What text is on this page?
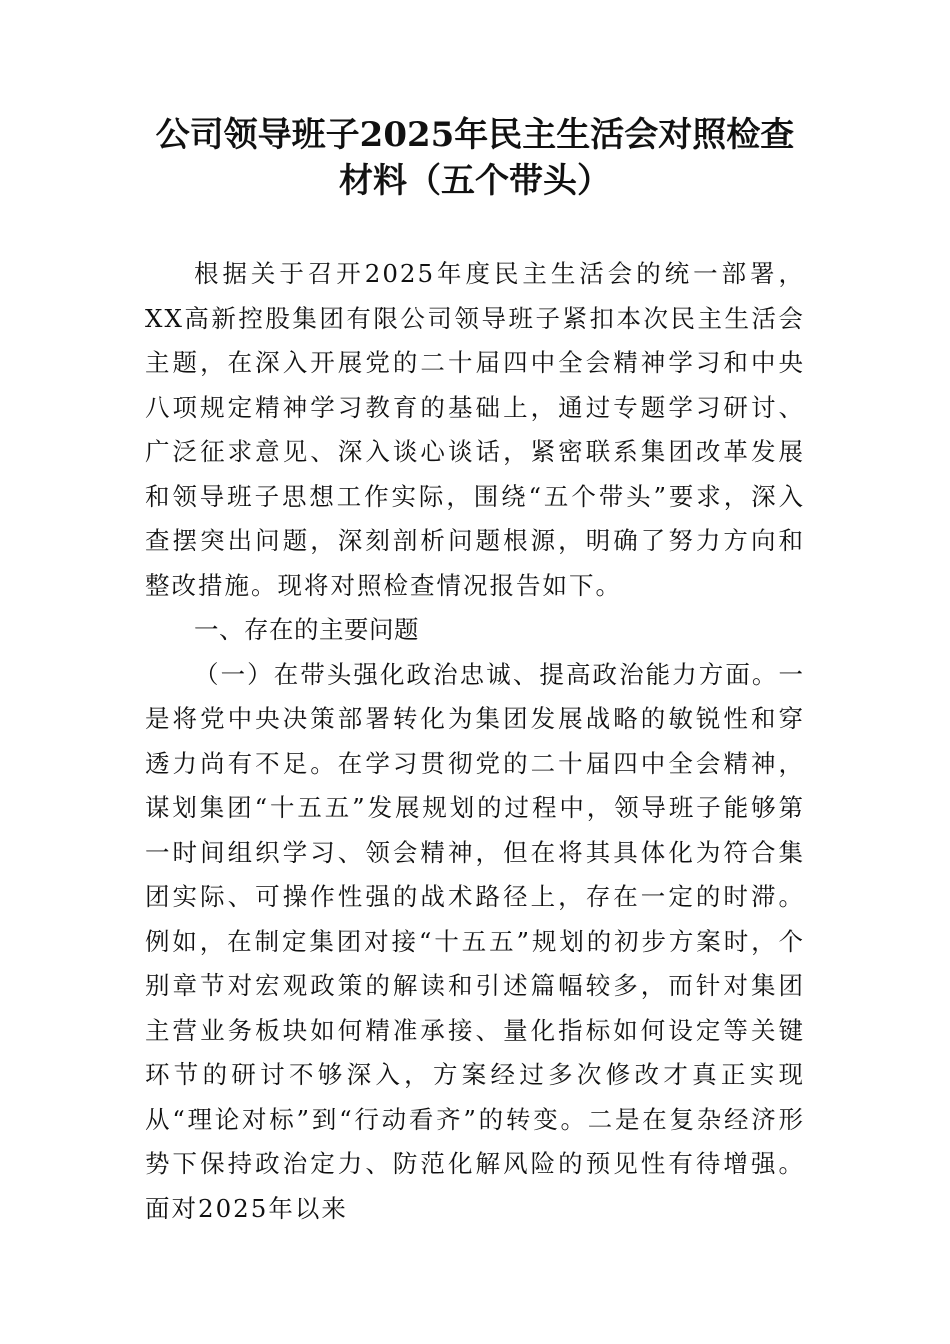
公司领导班子2025年民主生活会对照检查
材料（五个带头）

根据关于召开2025年度民主生活会的统一部署，XX高新控股集团有限公司领导班子紧扣本次民主生活会主题，在深入开展党的二十届四中全会精神学习和中央八项规定精神学习教育的基础上，通过专题学习研讨、广泛征求意见、深入谈心谈话，紧密联系集团改革发展和领导班子思想工作实际，围绕“五个带头”要求，深入查摆突出问题，深刻剖析问题根源，明确了努力方向和整改措施。现将对照检查情况报告如下。

一、存在的主要问题

（一）在带头强化政治忠诚、提高政治能力方面。一是将党中央决策部署转化为集团发展战略的敏锐性和穿透力尚有不足。在学习贯彻党的二十届四中全会精神，谋划集团“十五五”发展规划的过程中，领导班子能够第一时间组织学习、领会精神，但在将其具体化为符合集团实际、可操作性强的战术路径上，存在一定的时滞。例如，在制定集团对接“十五五”规划的初步方案时，个别章节对宏观政策的解读和引述篇幅较多，而针对集团主营业务板块如何精准承接、量化指标如何设定等关键环节的研讨不够深入，方案经过多次修改才真正实现从“理论对标”到“行动看齐”的转变。二是在复杂经济形势下保持政治定力、防范化解风险的预见性有待增强。面对2025年以来
